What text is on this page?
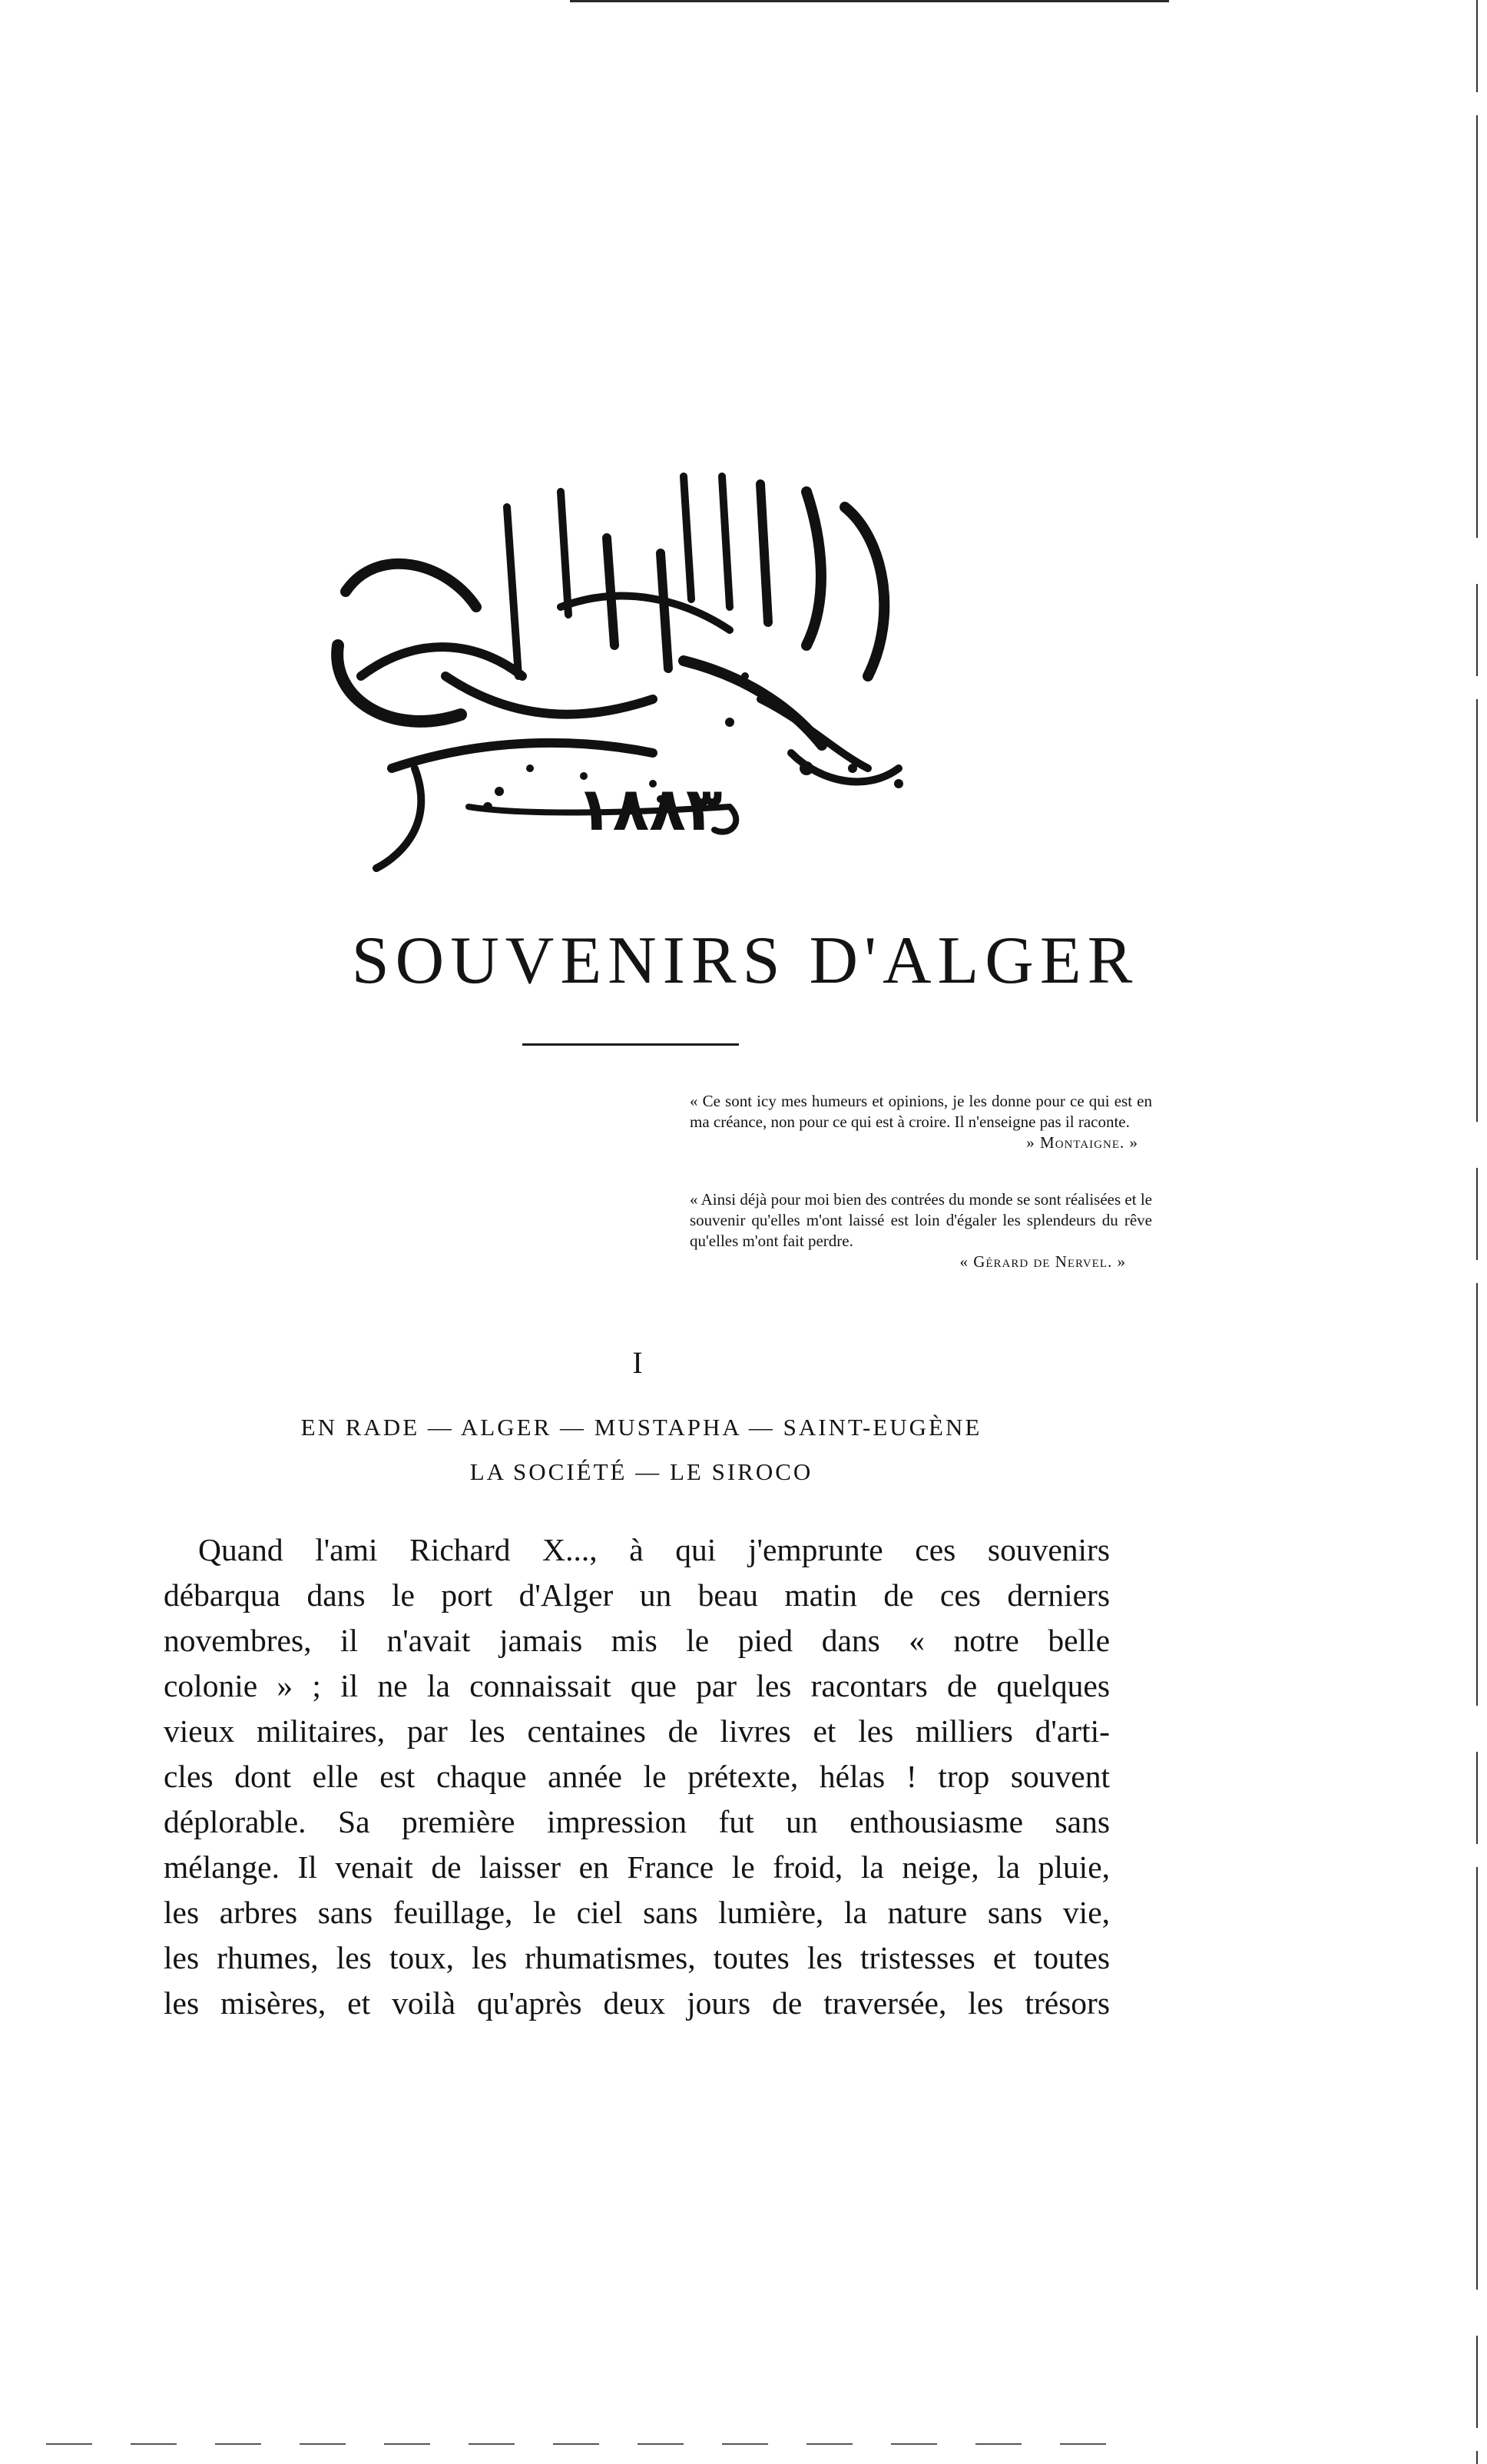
١٨٨٣
SOUVENIRS D'ALGER

« Ce sont icy mes humeurs et opinions, je les donne pour ce qui est en ma créance, non pour ce qui est à croire. Il n'enseigne pas il raconte.

» Montaigne. »

« Ainsi déjà pour moi bien des contrées du monde se sont réalisées et le souvenir qu'elles m'ont laissé est loin d'égaler les splendeurs du rêve qu'elles m'ont fait perdre.

« Gérard de Nervel. »

I
EN RADE — ALGER — MUSTAPHA — SAINT-EUGÈNE
LA SOCIÉTÉ — LE SIROCO
Quand l'ami Richard X..., à qui j'emprunte ces souvenirs
débarqua dans le port d'Alger un beau matin de ces derniers
novembres, il n'avait jamais mis le pied dans « notre belle
colonie » ; il ne la connaissait que par les racontars de quelques
vieux militaires, par les centaines de livres et les milliers d'arti-
cles dont elle est chaque année le prétexte, hélas ! trop souvent
déplorable. Sa première impression fut un enthousiasme sans
mélange. Il venait de laisser en France le froid, la neige, la pluie,
les arbres sans feuillage, le ciel sans lumière, la nature sans vie,
les rhumes, les toux, les rhumatismes, toutes les tristesses et toutes
les misères, et voilà qu'après deux jours de traversée, les trésors
